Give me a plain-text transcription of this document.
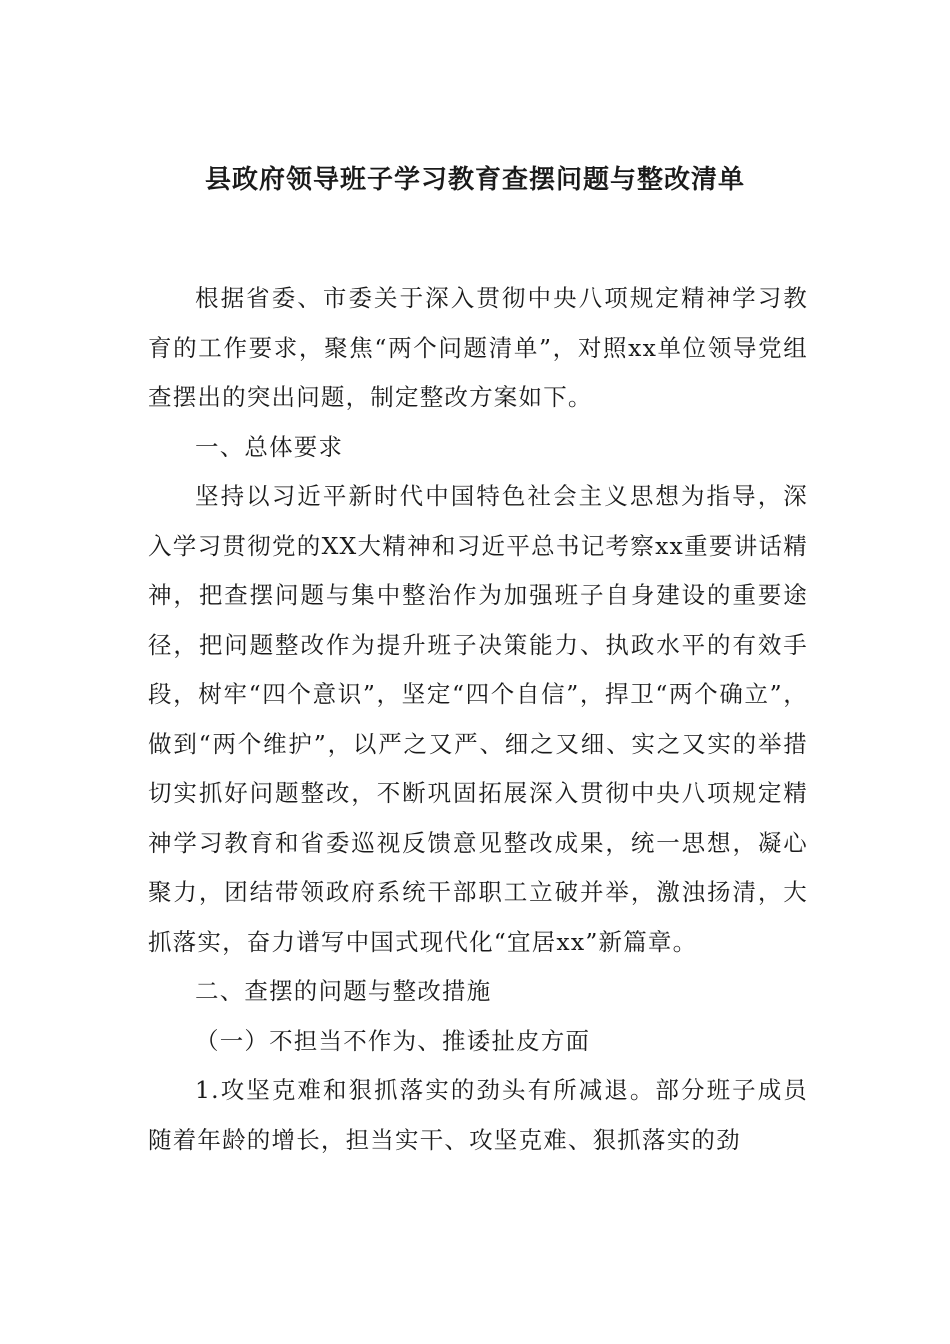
县政府领导班子学习教育查摆问题与整改清单

根据省委、市委关于深入贯彻中央八项规定精神学习教育的工作要求，聚焦“两个问题清单”，对照xx单位领导党组查摆出的突出问题，制定整改方案如下。

一、总体要求

坚持以习近平新时代中国特色社会主义思想为指导，深入学习贯彻党的XX大精神和习近平总书记考察xx重要讲话精神，把查摆问题与集中整治作为加强班子自身建设的重要途径，把问题整改作为提升班子决策能力、执政水平的有效手段，树牢“四个意识”，坚定“四个自信”，捍卫“两个确立”，做到“两个维护”，以严之又严、细之又细、实之又实的举措切实抓好问题整改，不断巩固拓展深入贯彻中央八项规定精神学习教育和省委巡视反馈意见整改成果，统一思想，凝心聚力，团结带领政府系统干部职工立破并举，激浊扬清，大抓落实，奋力谱写中国式现代化“宜居xx”新篇章。

二、查摆的问题与整改措施

（一）不担当不作为、推诿扯皮方面

1.攻坚克难和狠抓落实的劲头有所减退。部分班子成员随着年龄的增长，担当实干、攻坚克难、狠抓落实的劲
